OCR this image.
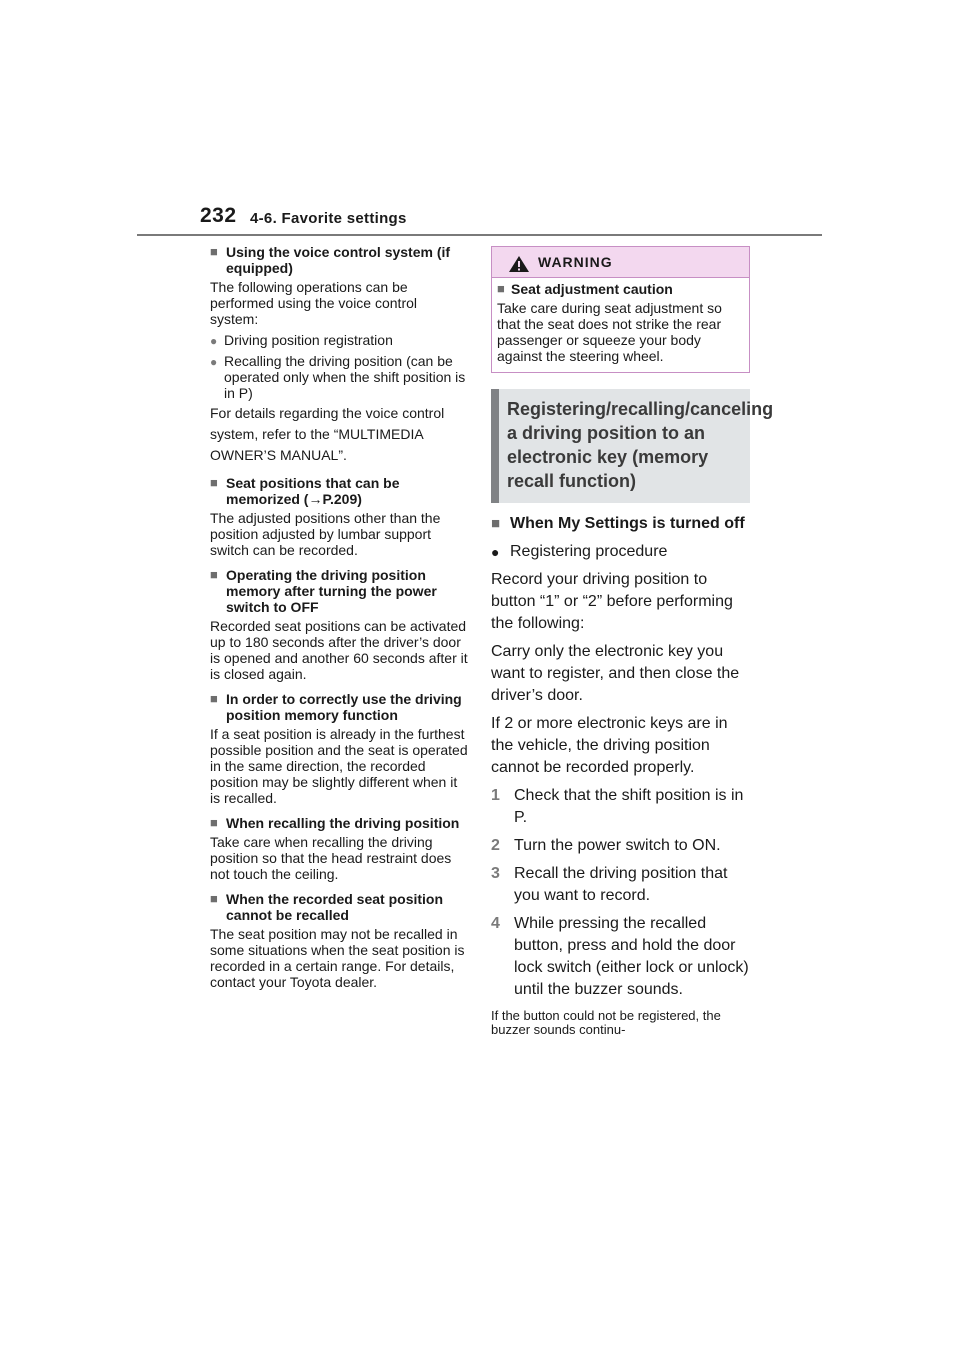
232 4-6. Favorite settings
■ Using the voice control system (if equipped)
The following operations can be performed using the voice control system:
● Driving position registration
● Recalling the driving position (can be operated only when the shift position is in P)
For details regarding the voice control system, refer to the “MULTIMEDIA OWNER’S MANUAL”.
■ Seat positions that can be memorized (→P.209)
The adjusted positions other than the position adjusted by lumbar support switch can be recorded.
■ Operating the driving position memory after turning the power switch to OFF
Recorded seat positions can be activated up to 180 seconds after the driver’s door is opened and another 60 seconds after it is closed again.
■ In order to correctly use the driving position memory function
If a seat position is already in the furthest possible position and the seat is operated in the same direction, the recorded position may be slightly different when it is recalled.
■ When recalling the driving position
Take care when recalling the driving position so that the head restraint does not touch the ceiling.
■ When the recorded seat position cannot be recalled
The seat position may not be recalled in some situations when the seat position is recorded in a certain range. For details, contact your Toyota dealer.
WARNING
■ Seat adjustment caution
Take care during seat adjustment so that the seat does not strike the rear passenger or squeeze your body against the steering wheel.
Registering/recalling/canceling a driving position to an electronic key (memory recall function)
■ When My Settings is turned off
● Registering procedure
Record your driving position to button “1” or “2” before performing the following:
Carry only the electronic key you want to register, and then close the driver’s door.
If 2 or more electronic keys are in the vehicle, the driving position cannot be recorded properly.
1 Check that the shift position is in P.
2 Turn the power switch to ON.
3 Recall the driving position that you want to record.
4 While pressing the recalled button, press and hold the door lock switch (either lock or unlock) until the buzzer sounds.
If the button could not be registered, the buzzer sounds continu-
